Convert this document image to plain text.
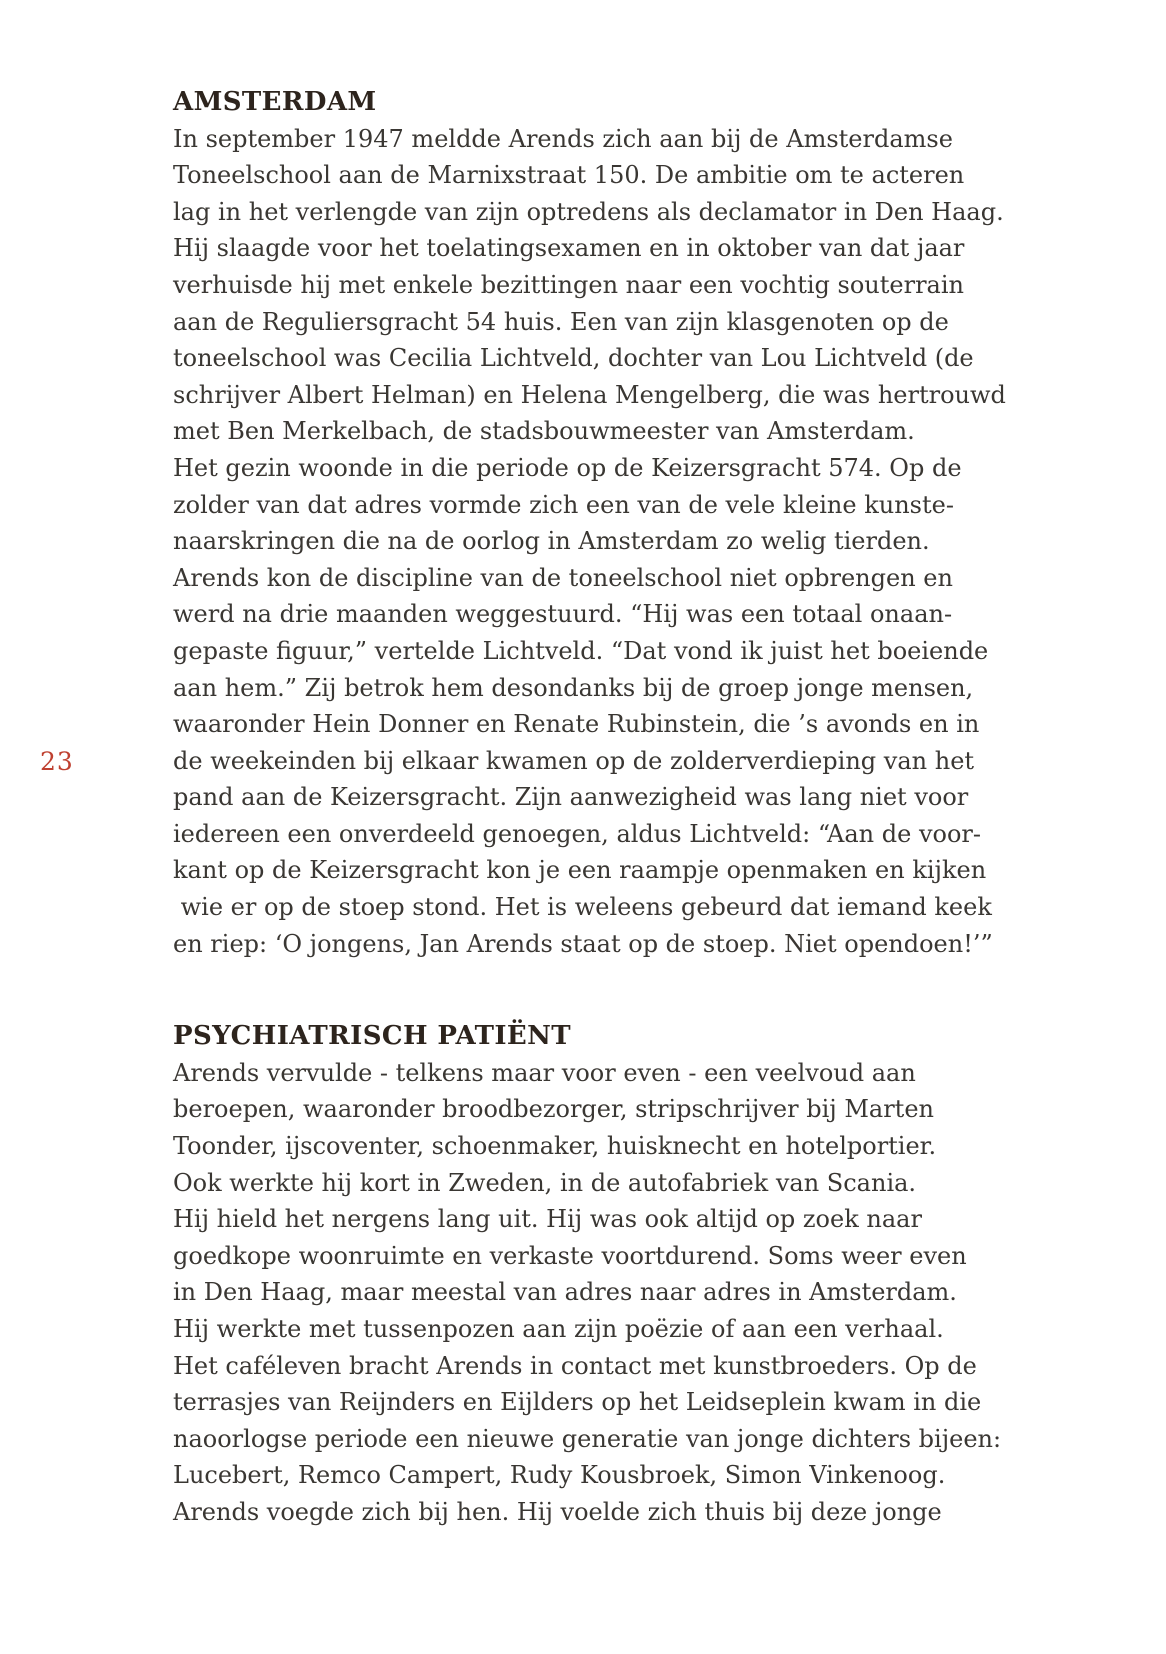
23
AMSTERDAM
In september 1947 meldde Arends zich aan bij de Amsterdamse
Toneelschool aan de Marnixstraat 150. De ambitie om te acteren
lag in het verlengde van zijn optredens als declamator in Den Haag.
Hij slaagde voor het toelatingsexamen en in oktober van dat jaar
verhuisde hij met enkele bezittingen naar een vochtig souterrain
aan de Reguliersgracht 54 huis. Een van zijn klasgenoten op de
toneelschool was Cecilia Lichtveld, dochter van Lou Lichtveld (de
schrijver Albert Helman) en Helena Mengelberg, die was hertrouwd
met Ben Merkelbach, de stadsbouwmeester van Amsterdam.
Het gezin woonde in die periode op de Keizersgracht 574. Op de
zolder van dat adres vormde zich een van de vele kleine kunste-
naarskringen die na de oorlog in Amsterdam zo welig tierden.
Arends kon de discipline van de toneelschool niet opbrengen en
werd na drie maanden weggestuurd. “Hij was een totaal onaan-
gepaste figuur,” vertelde Lichtveld. “Dat vond ik juist het boeiende
aan hem.” Zij betrok hem desondanks bij de groep jonge mensen,
waaronder Hein Donner en Renate Rubinstein, die ’s avonds en in
de weekeinden bij elkaar kwamen op de zolderverdieping van het
pand aan de Keizersgracht. Zijn aanwezigheid was lang niet voor
iedereen een onverdeeld genoegen, aldus Lichtveld: “Aan de voor-
kant op de Keizersgracht kon je een raampje openmaken en kijken
wie er op de stoep stond. Het is weleens gebeurd dat iemand keek
en riep: ‘O jongens, Jan Arends staat op de stoep. Niet opendoen!’”
PSYCHIATRISCH PATIËNT
Arends vervulde - telkens maar voor even - een veelvoud aan
beroepen, waaronder broodbezorger, stripschrijver bij Marten
Toonder, ijscoventer, schoenmaker, huisknecht en hotelportier.
Ook werkte hij kort in Zweden, in de autofabriek van Scania.
Hij hield het nergens lang uit. Hij was ook altijd op zoek naar
goedkope woonruimte en verkaste voortdurend. Soms weer even
in Den Haag, maar meestal van adres naar adres in Amsterdam.
Hij werkte met tussenpozen aan zijn poëzie of aan een verhaal.
Het caféleven bracht Arends in contact met kunstbroeders. Op de
terrasjes van Reijnders en Eijlders op het Leidseplein kwam in die
naoorlogse periode een nieuwe generatie van jonge dichters bijeen:
Lucebert, Remco Campert, Rudy Kousbroek, Simon Vinkenoog.
Arends voegde zich bij hen. Hij voelde zich thuis bij deze jonge
